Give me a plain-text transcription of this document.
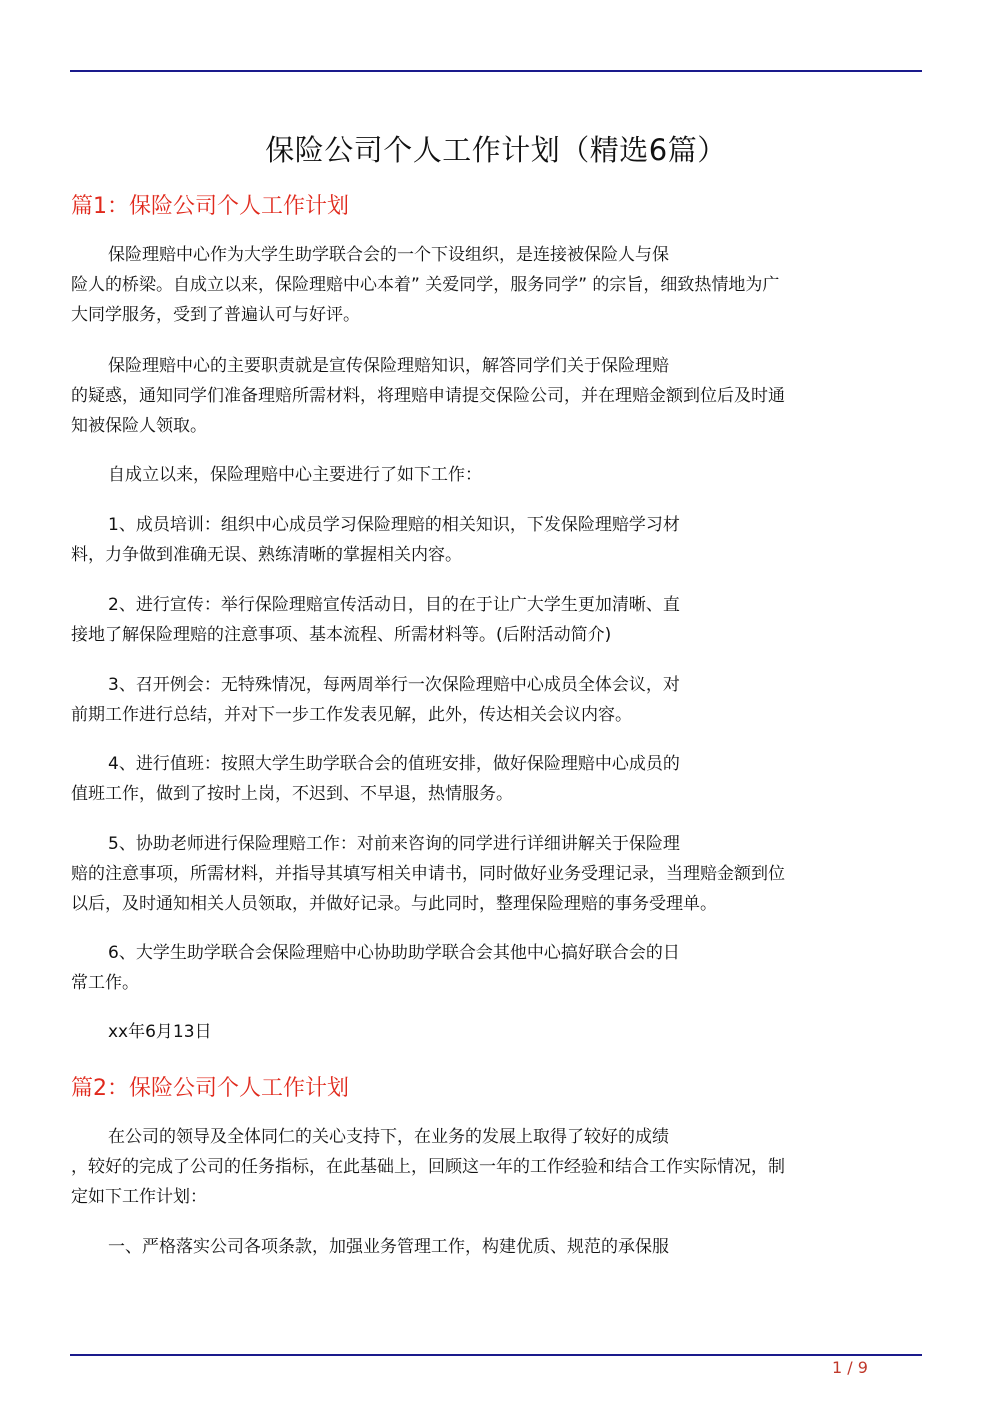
保险公司个人工作计划（精选6篇）
篇1：保险公司个人工作计划
保险理赔中心作为大学生助学联合会的一个下设组织，是连接被保险人与保
险人的桥梁。自成立以来，保险理赔中心本着” 关爱同学，服务同学” 的宗旨，细致热情地为广
大同学服务，受到了普遍认可与好评。
保险理赔中心的主要职责就是宣传保险理赔知识，解答同学们关于保险理赔
的疑惑，通知同学们准备理赔所需材料，将理赔申请提交保险公司，并在理赔金额到位后及时通
知被保险人领取。
自成立以来，保险理赔中心主要进行了如下工作：
1、成员培训：组织中心成员学习保险理赔的相关知识，下发保险理赔学习材
料，力争做到准确无误、熟练清晰的掌握相关内容。
2、进行宣传：举行保险理赔宣传活动日，目的在于让广大学生更加清晰、直
接地了解保险理赔的注意事项、基本流程、所需材料等。(后附活动简介)
3、召开例会：无特殊情况，每两周举行一次保险理赔中心成员全体会议，对
前期工作进行总结，并对下一步工作发表见解，此外，传达相关会议内容。
4、进行值班：按照大学生助学联合会的值班安排，做好保险理赔中心成员的
值班工作，做到了按时上岗，不迟到、不早退，热情服务。
5、协助老师进行保险理赔工作：对前来咨询的同学进行详细讲解关于保险理
赔的注意事项，所需材料，并指导其填写相关申请书，同时做好业务受理记录，当理赔金额到位
以后，及时通知相关人员领取，并做好记录。与此同时，整理保险理赔的事务受理单。
6、大学生助学联合会保险理赔中心协助助学联合会其他中心搞好联合会的日
常工作。
xx年6月13日
篇2：保险公司个人工作计划
在公司的领导及全体同仁的关心支持下，在业务的发展上取得了较好的成绩
，较好的完成了公司的任务指标，在此基础上，回顾这一年的工作经验和结合工作实际情况，制
定如下工作计划：
一、严格落实公司各项条款，加强业务管理工作，构建优质、规范的承保服
1 / 9
